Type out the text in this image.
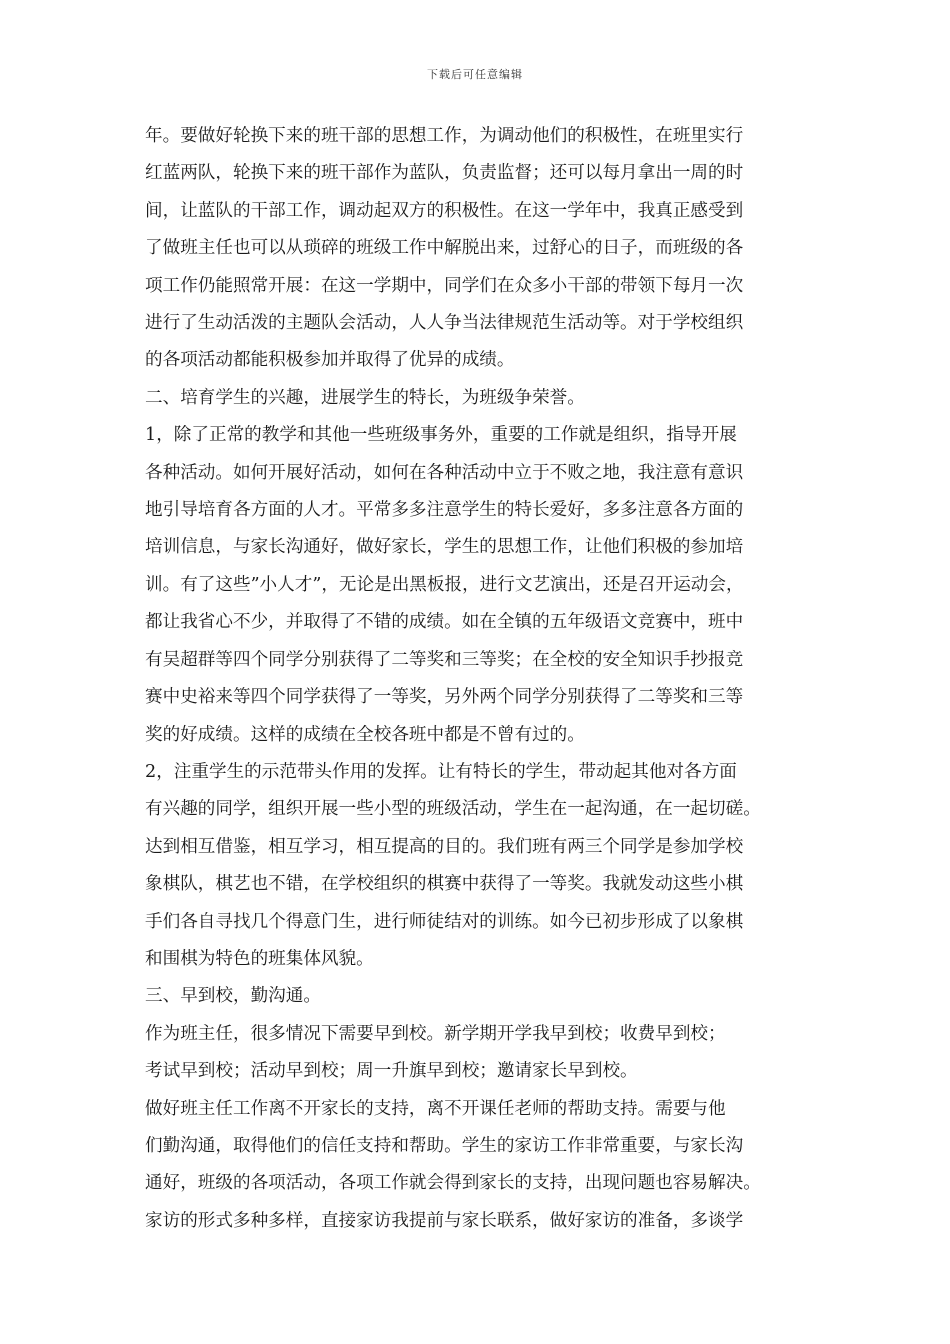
下载后可任意编辑

年。要做好轮换下来的班干部的思想工作，为调动他们的积极性，在班里实行
红蓝两队，轮换下来的班干部作为蓝队，负责监督；还可以每月拿出一周的时
间，让蓝队的干部工作，调动起双方的积极性。在这一学年中，我真正感受到
了做班主任也可以从琐碎的班级工作中解脱出来，过舒心的日子，而班级的各
项工作仍能照常开展：在这一学期中，同学们在众多小干部的带领下每月一次
进行了生动活泼的主题队会活动，人人争当法律规范生活动等。对于学校组织
的各项活动都能积极参加并取得了优异的成绩。

二、培育学生的兴趣，进展学生的特长，为班级争荣誉。

1，除了正常的教学和其他一些班级事务外，重要的工作就是组织，指导开展
各种活动。如何开展好活动，如何在各种活动中立于不败之地，我注意有意识
地引导培育各方面的人才。平常多多注意学生的特长爱好，多多注意各方面的
培训信息，与家长沟通好，做好家长，学生的思想工作，让他们积极的参加培
训。有了这些”小人才”，无论是出黑板报，进行文艺演出，还是召开运动会，
都让我省心不少，并取得了不错的成绩。如在全镇的五年级语文竞赛中，班中
有吴超群等四个同学分别获得了二等奖和三等奖；在全校的安全知识手抄报竞
赛中史裕来等四个同学获得了一等奖，另外两个同学分别获得了二等奖和三等
奖的好成绩。这样的成绩在全校各班中都是不曾有过的。

2，注重学生的示范带头作用的发挥。让有特长的学生，带动起其他对各方面
有兴趣的同学，组织开展一些小型的班级活动，学生在一起沟通，在一起切磋。
达到相互借鉴，相互学习，相互提高的目的。我们班有两三个同学是参加学校
象棋队，棋艺也不错，在学校组织的棋赛中获得了一等奖。我就发动这些小棋
手们各自寻找几个得意门生，进行师徒结对的训练。如今已初步形成了以象棋
和围棋为特色的班集体风貌。

三、早到校，勤沟通。

作为班主任，很多情况下需要早到校。新学期开学我早到校；收费早到校；
考试早到校；活动早到校；周一升旗早到校；邀请家长早到校。

做好班主任工作离不开家长的支持，离不开课任老师的帮助支持。需要与他
们勤沟通，取得他们的信任支持和帮助。学生的家访工作非常重要，与家长沟
通好，班级的各项活动，各项工作就会得到家长的支持，出现问题也容易解决。
家访的形式多种多样，直接家访我提前与家长联系，做好家访的准备，多谈学
